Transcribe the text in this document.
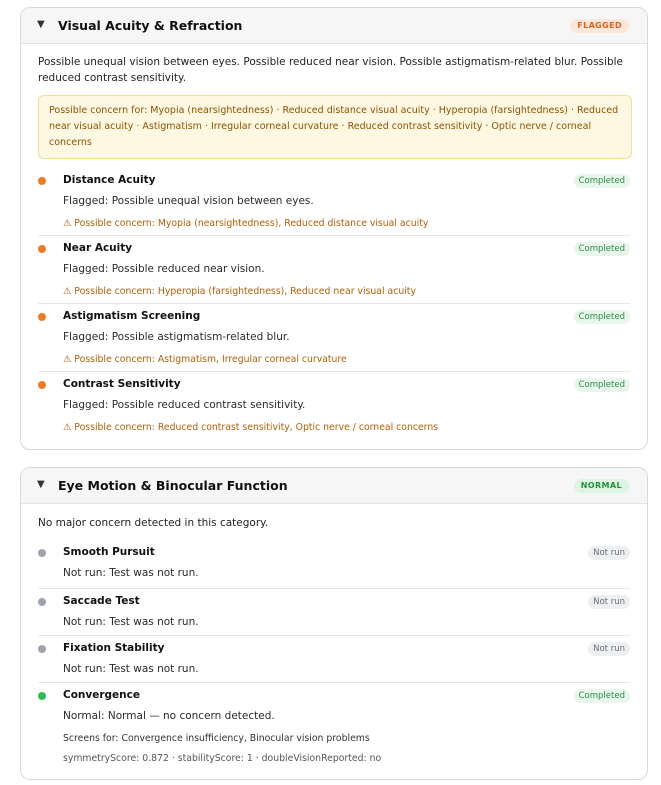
▼ Visual Acuity & Refraction	FLAGGED
Possible unequal vision between eyes. Possible reduced near vision. Possible astigmatism-related blur. Possible reduced contrast sensitivity.
Possible concern for: Myopia (nearsightedness) · Reduced distance visual acuity · Hyperopia (farsightedness) · Reduced near visual acuity · Astigmatism · Irregular corneal curvature · Reduced contrast sensitivity · Optic nerve / corneal concerns
Distance Acuity	Completed
Flagged: Possible unequal vision between eyes.
⚠ Possible concern: Myopia (nearsightedness), Reduced distance visual acuity
Near Acuity	Completed
Flagged: Possible reduced near vision.
⚠ Possible concern: Hyperopia (farsightedness), Reduced near visual acuity
Astigmatism Screening	Completed
Flagged: Possible astigmatism-related blur.
⚠ Possible concern: Astigmatism, Irregular corneal curvature
Contrast Sensitivity	Completed
Flagged: Possible reduced contrast sensitivity.
⚠ Possible concern: Reduced contrast sensitivity, Optic nerve / corneal concerns
▼ Eye Motion & Binocular Function	NORMAL
No major concern detected in this category.
Smooth Pursuit	Not run
Not run: Test was not run.
Saccade Test	Not run
Not run: Test was not run.
Fixation Stability	Not run
Not run: Test was not run.
Convergence	Completed
Normal: Normal — no concern detected.
Screens for: Convergence insufficiency, Binocular vision problems
symmetryScore: 0.872 · stabilityScore: 1 · doubleVisionReported: no
